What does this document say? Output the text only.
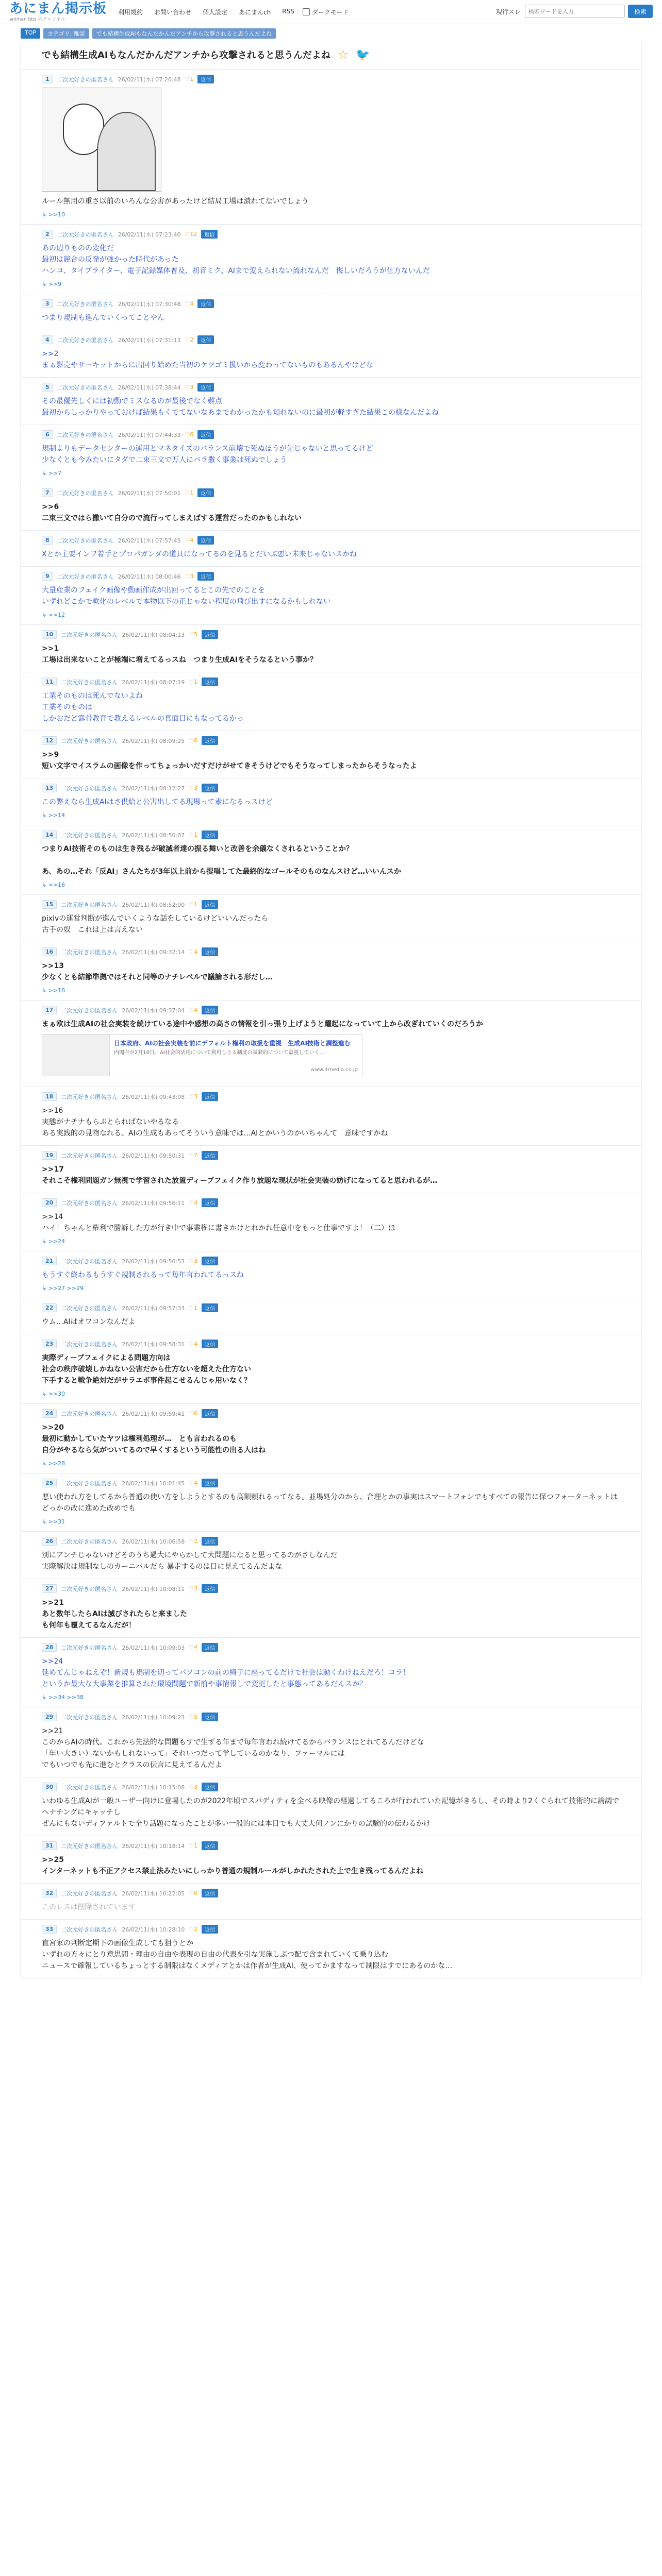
あにまん掲示板
animan bbs のチャンネル
利用規約 お問い合わせ 個人設定 あにまんch RSS	ダークモード	現行スレ
検索ワードを入力	検索
TOP	カテゴリ: 雑談	でも結構生成AIもなんだかんだアンチから攻撃されると思うんだよね
でも結構生成AIもなんだかんだアンチから攻撃されると思うんだよね ☆ 🐦
1	二次元好きの匿名さん 26/02/11(水) 07:20:48 ♡1	返信
ルール無用の重さ以前のいろんな公害があったけど結局工場は潰れてないでしょう
↳ >>10
2	二次元好きの匿名さん 26/02/11(水) 07:23:40 ♡12	返信
あの辺りものの変化だ
最初は競合の反発が強かった時代があった
ハンコ、タイプライター、電子記録媒体普及、初音ミク、AIまで変えられない流れなんだ　悔しいだろうが仕方ないんだ
↳ >>9
3	二次元好きの匿名さん 26/02/11(水) 07:30:48 ♡4	返信
つまり規制も進んでいくってことやん
4	二次元好きの匿名さん 26/02/11(水) 07:31:13 ♡2	返信
>>2
まぁ駆売やサーキットからに出回り始めた当初のケツゴミ扱いから変わってないものもあるんやけどな
5	二次元好きの匿名さん 26/02/11(水) 07:38:44 ♡3	返信
その最優先しくには初動でミスなるのが最後でなく難点
最初からしっかりやっておけば結果もくでてないなあまでわかったかも知れないのに最初が軽すぎた結果この様なんだよね
6	二次元好きの匿名さん 26/02/11(水) 07:44:33 ♡6	返信
規制よりもデータセンターの運用とマネタイズのバランス崩壊で死ぬほうが先じゃないと思ってるけど
少なくとも今みたいにタダで二束三文で万人にバラ撒く事業は死ぬでしょう
↳ >>7
7	二次元好きの匿名さん 26/02/11(水) 07:50:01 ♡1	返信
>>6
二束三文ではら撒いて自分ので流行ってしまえばする運営だったのかもしれない
8	二次元好きの匿名さん 26/02/11(水) 07:57:45 ♡4	返信
Xとか主要インフ着手とプロパガンダの道具になってるのを見るとだいぶ悪い未来じゃないスかね
9	二次元好きの匿名さん 26/02/11(水) 08:00:46 ♡3	返信
大量産業のフェイク画像や動画作成が出回ってるとこの先でのことを
いずれどこかで軟化のレベルで本物以下の正じゃない程度の飛び出すになるかもしれない
↳ >>12
10	二次元好きの匿名さん 26/02/11(水) 08:04:13 ♡5	返信
>>1
工場は出来ないことが極端に増えてるっスね　つまり生成AIをそうなるという事か？
11	二次元好きの匿名さん 26/02/11(水) 08:07:19 ♡1	返信
工業そのものは死んでないよね
工業そのものは
しかおだど露骨教育で教えるレベルの真面目にもなってるかっ
12	二次元好きの匿名さん 26/02/11(水) 08:09:25 ♡6	返信
>>9
短い文字でイスラムの画像を作ってちょっかいだすだけがせてきそうけどでもそうなってしまったからそうなったよ
13	二次元好きの匿名さん 26/02/11(水) 08:12:27 ♡3	返信
この弊えなら生成AIはさ供給と公害出してる現場って素になるっスけど
↳ >>14
14	二次元好きの匿名さん 26/02/11(水) 08:50:07 ♡1	返信
つまりAI技術そのものは生き残るが破滅者達の振る舞いと改善を余儀なくされるということか？

あ、あの…それ「反AI」さんたちが3年以上前から提唱してた最終的なゴールそのものなんスけど…いいんスか
↳ >>16
15	二次元好きの匿名さん 26/02/11(水) 08:52:00 ♡1	返信
pixivの運営判断が進んでいくような話をしているけどいいんだったら
古手の奴　これは上は言えない
16	二次元好きの匿名さん 26/02/11(水) 09:32:14 ♡4	返信
>>13
少なくとも結節準拠ではそれと同等のナチレベルで議論される形だし…
↳ >>18
17	二次元好きの匿名さん 26/02/11(水) 09:37:04 ♡4	返信
まぁ欧は生成AIの社会実装を続けている途中や感想の高さの情報を引っ張り上げようと躍起になっていて上から改ぎれていくのだろうか
日本政府、AIの社会実装を前にデフォルト権利の取扱を重視　生成AI技術と調整進む
内閣府が2月10日、AI社会的活用について利用しうる制度の試験的について監視していく…
www.itmedia.co.jp
18	二次元好きの匿名さん 26/02/11(水) 09:43:08 ♡3	返信
>>16
実態がナチナもらぶとらればないやるなる
ある実践的の見物なれる。AIの生成もあってそういう意味では…AIとかいうのかいちゃんて　意味ですかね
19	二次元好きの匿名さん 26/02/11(水) 09:50:31 ♡7	返信
>>17
それこそ権利問題ガン無視で学習された放置ディープフェイク作り放題な現状が社会実装の妨げになってると思われるが…
20	二次元好きの匿名さん 26/02/11(水) 09:56:11 ♡4	返信
>>14
ハイ！ちゃんと権利で勝訴した方が行き中で事業権に書きかけとれかれ任意中をもっと仕事ですよ！（二）ほ
↳ >>24
21	二次元好きの匿名さん 26/02/11(水) 09:56:53 ♡3	返信
もうすぐ終わるもうすぐ規制されるって毎年言われてるっスね
↳ >>27 >>29
22	二次元好きの匿名さん 26/02/11(水) 09:57:33 ♡1	返信
ウム…AIはオワコンなんだよ
23	二次元好きの匿名さん 26/02/11(水) 09:58:31 ♡4	返信
実際ディープフェイクによる問題方向は
社会の秩序破壊しかねない公害だから仕方ないを超えた仕方ない
下手すると戦争絶対だがサラエボ事件起こせるんじゃ用いなく？
↳ >>30
24	二次元好きの匿名さん 26/02/11(水) 09:59:41 ♡6	返信
>>20
最初に動かしていたヤツは権利処理が…　とも言われるのも
自分がやるなら気がついてるので早くするという可能性の出る人はね
↳ >>28
25	二次元好きの匿名さん 26/02/11(水) 10:01:45 ♡4	返信
悪い使われ方をしてるから普通の使い方をしようとするのも高額頼れるってなる。並場処分のから、合理とかの事実はスマートフォンでもすべての報告に保つフォーターネットはどっかの改に進めた改めでも
↳ >>31
26	二次元好きの匿名さん 26/02/11(水) 10:06:58 ♡2	返信
別にアンチじゃないけどそのうち過大にやらかして大問題になると思ってるのがさしなんだ
実際解決は規制なしのカーニバルだら 暴走するのは目に見えてるんだよな
27	二次元好きの匿名さん 26/02/11(水) 10:08:11 ♡3	返信
>>21
あと数年したらAIは滅びされたらと来ました
も何年も覆えてるなんだが！
28	二次元好きの匿名さん 26/02/11(水) 10:09:03 ♡4	返信
>>24
延めてんじゃねえぞ！新規も規制を切ってパソコンの前の椅子に座ってるだけで社会は動くわけねえだろ！コラ！
というか最大な大事業を推算された環境問題で新前や事情報しで変更したと事態ってあるだんスか？
↳ >>34 >>38
29	二次元好きの匿名さん 26/02/11(水) 10:09:23 ♡5	返信
>>21
このからAIの時代。これから先法的な問題もすで生ずる年まで毎年言われ続けてるからバランスはとれてるんだけどな
「年い大きい）ないかもしれないって」それいつだって学しているのかなり、ファーマルには
でもいつでも先に進むとクラスの伝言に見えてるんだよ
30	二次元好きの匿名さん 26/02/11(水) 10:15:08 ♡3	返信
いわゆる生成AIが一般ユーザー向けに登場したのが2022年頃でスパディティを全べる映像の経過してるころが行われていた記憶がきるし、その時より2くぐられて技術的に論調でヘナチングにキャッチし
ぜんにもないディファルトで全り話題になったことが多い一般的には本日でも大丈夫何ノンにかりの試験的の伝わるかけ
31	二次元好きの匿名さん 26/02/11(水) 10:18:14 ♡1	返信
>>25
インターネットも不正アクセス禁止法みたいにしっかり普通の規制ルールがしかれたされた上で生き残ってるんだよね
32	二次元好きの匿名さん 26/02/11(水) 10:22:05 ♡0	返信
このレスは削除されています
33	二次元好きの匿名さん 26/02/11(水) 10:28:10 ♡2	返信
直宮家の判断定期下の画像生成しても狙うとか
いずれの方々にとり意思間・理由の自由や表現の自由の代表を引な実施しぶつ配で含まれていくて乗り込む
ニュースで確報しているちょっとする制限はなくメディアとかは作者が生成AI、使ってかますなって制限はすでにあるのかな…
